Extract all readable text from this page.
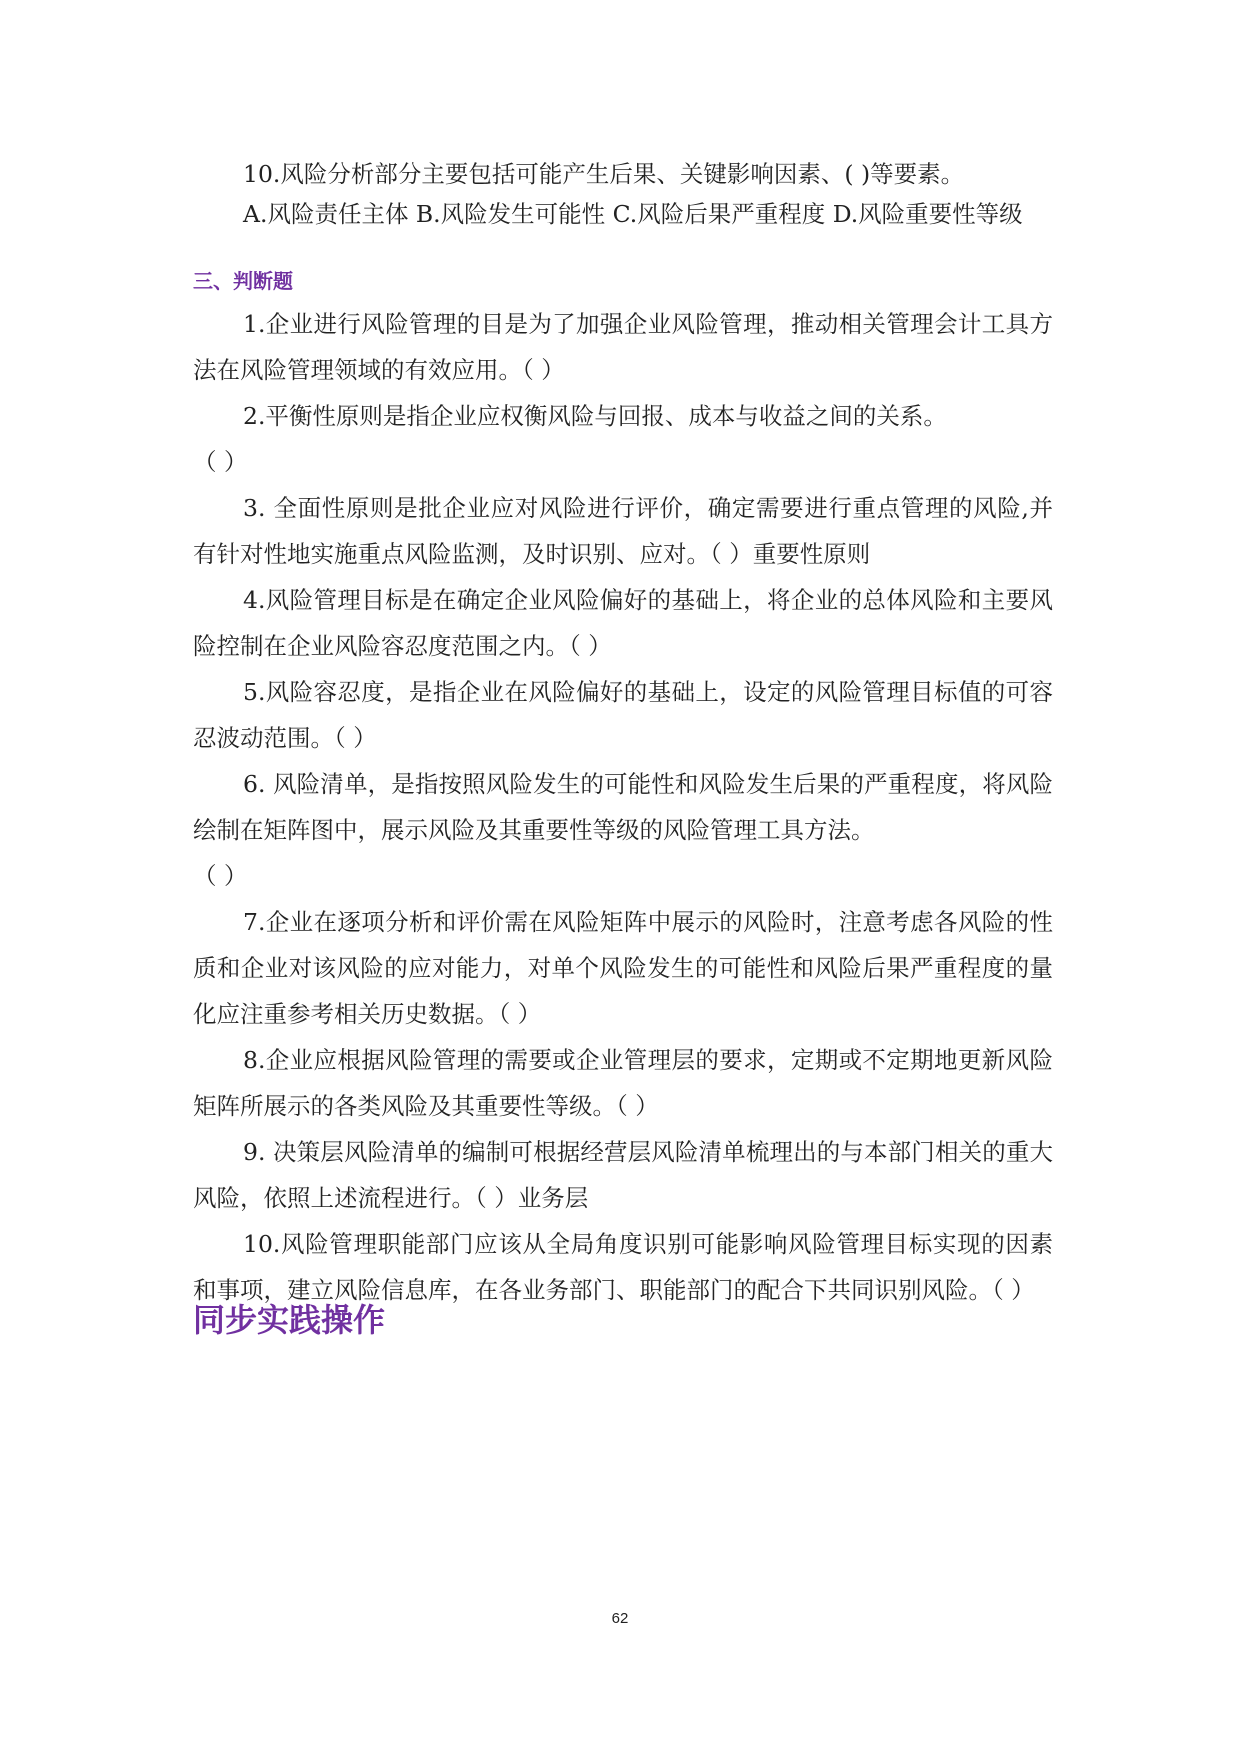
10.风险分析部分主要包括可能产生后果、关键影响因素、( )等要素。

A.风险责任主体 B.风险发生可能性 C.风险后果严重程度 D.风险重要性等级

三、判断题

1.企业进行风险管理的目是为了加强企业风险管理，推动相关管理会计工具方法在风险管理领域的有效应用。（ ）

2.平衡性原则是指企业应权衡风险与回报、成本与收益之间的关系。

（ ）

3. 全面性原则是批企业应对风险进行评价，确定需要进行重点管理的风险,并有针对性地实施重点风险监测，及时识别、应对。（ ）重要性原则

4.风险管理目标是在确定企业风险偏好的基础上，将企业的总体风险和主要风险控制在企业风险容忍度范围之内。（ ）

5.风险容忍度，是指企业在风险偏好的基础上，设定的风险管理目标值的可容忍波动范围。（ ）

6. 风险清单，是指按照风险发生的可能性和风险发生后果的严重程度，将风险绘制在矩阵图中，展示风险及其重要性等级的风险管理工具方法。

（ ）

7.企业在逐项分析和评价需在风险矩阵中展示的风险时，注意考虑各风险的性质和企业对该风险的应对能力，对单个风险发生的可能性和风险后果严重程度的量化应注重参考相关历史数据。（ ）

8.企业应根据风险管理的需要或企业管理层的要求，定期或不定期地更新风险矩阵所展示的各类风险及其重要性等级。（ ）

9. 决策层风险清单的编制可根据经营层风险清单梳理出的与本部门相关的重大风险，依照上述流程进行。（ ）业务层

10.风险管理职能部门应该从全局角度识别可能影响风险管理目标实现的因素和事项，建立风险信息库，在各业务部门、职能部门的配合下共同识别风险。（ ）

同步实践操作

62
